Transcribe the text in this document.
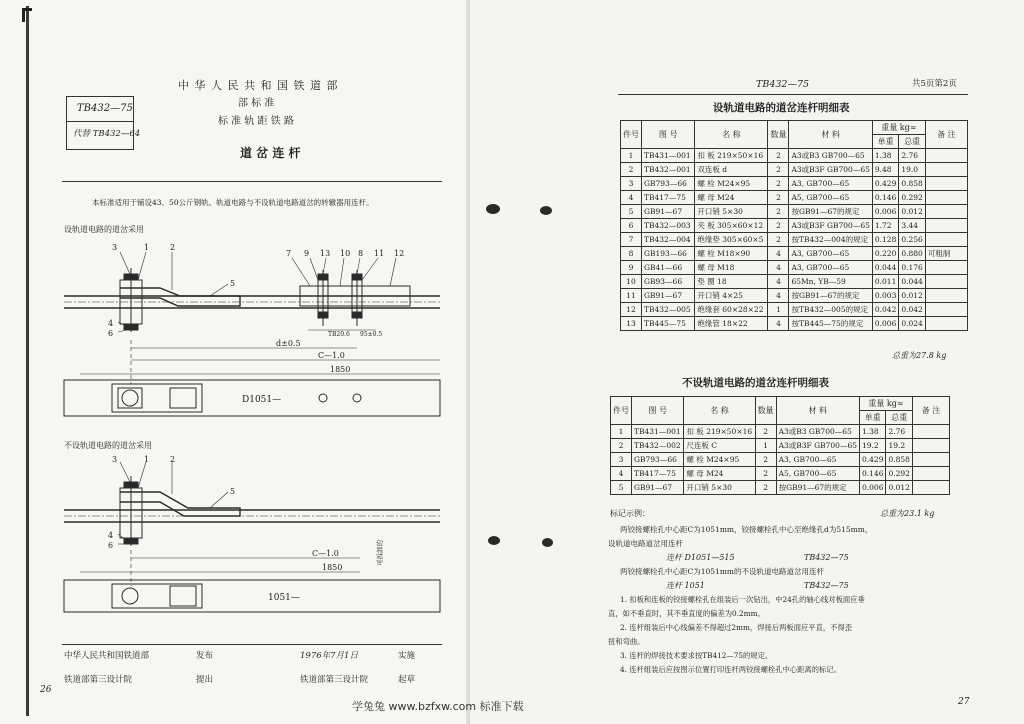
中 华 人 民 共 和 国 铁 道 部
部 标 准
标 准 轨 距 铁 路
道 岔 连 杆
TB432—75
代替 TB432—64
本标准适用于铺设43、50公斤钢轨、轨道电路与不设轨道电路道岔的转辙器用连杆。
设轨道电路的道岔采用
3	1	2
5
4
6
7 9 13 10 8 11 12
TB20.6 95±0.5
d±0.5
C—1.0
1850
D1051—
不设轨道电路的道岔采用
3	1	2
5
4
6
C—1.0
1850
可拆卸的
1051—
中华人民共和国铁道部	发布	1976年7月1日	实施
铁道部第三设计院	提出	铁道部第三设计院	起草
26
TB432—75	共5页第2页
设轨道电路的道岔连杆明细表
件号	图 号	名 称	数量	材 料	重量 kg≈		备 注
					单重	总重	
1	TB431—001	扣 板 219×50×16	2	A3或B3 GB700—65	1.38	2.76	
2	TB432—001	双连板 d	2	A3或B3F GB700—65	9.48	19.0	
3	GB793—66	螺 栓 M24×95	2	A3, GB700—65	0.429	0.858	
4	TB417—75	螺 母 M24	2	A5, GB700—65	0.146	0.292	
5	GB91—67	开口销 5×30	2	按GB91—67的规定	0.006	0.012	
6	TB432—003	夹 板 305×60×12	2	A3或B3F GB700—65	1.72	3.44	
7	TB432—004	绝缘垫 305×60×5	2	按TB432—004的规定	0.128	0.256	
8	GB193—66	螺 栓 M18×90	4	A3, GB700—65	0.220	0.880	可粗制
9	GB41—66	螺 母 M18	4	A3, GB700—65	0.044	0.176	
10	GB93—66	垫 圈 18	4	65Mn, YB—59	0.011	0.044	
11	GB91—67	开口销 4×25	4	按GB91—67的规定	0.003	0.012	
12	TB432—005	绝缘套 60×28×22	1	按TB432—005的规定	0.042	0.042	
13	TB445—75	绝缘管 18×22	4	按TB445—75的规定	0.006	0.024	
总重为27.8 kg
不设轨道电路的道岔连杆明细表
件号	图 号	名 称	数量	材 料	重量 kg≈		备 注
					单重	总重	
1	TB431—001	扣 板 219×50×16	2	A3或B3 GB700—65	1.38	2.76	
2	TB432—002	尺连板 C	1	A3或B3F GB700—65	19.2	19.2	
3	GB793—66	螺 栓 M24×95	2	A3, GB700—65	0.429	0.858	
4	TB417—75	螺 母 M24	2	A5, GB700—65	0.146	0.292	
5	GB91—67	开口销 5×30	2	按GB91—67的规定	0.006	0.012	
总重为23.1 kg
标记示例：
两铰接螺栓孔中心距C为1051mm，铰接螺栓孔中心至绝缘孔d为515mm，
设轨道电路道岔用连杆
连杆 D1051—515	TB432—75
两铰接螺栓孔中心距C为1051mm的不设轨道电路道岔用连杆
连杆 1051	TB432—75
1. 扣板和连板的铰接螺栓孔在组装后一次钻出，中24孔的轴心线对板面应垂
直，如不垂直时，其不垂直度的偏差为0.2mm。
2. 连杆组装后中心线偏差不得超过2mm，焊接后两板面应平直，不得歪
扭和弯曲。
3. 连杆的焊接技术要求按TB412—75的规定。
4. 连杆组装后应按图示位置打印连杆两铰接螺栓孔中心距离的标记。
27
学兔兔 www.bzfxw.com 标准下载
